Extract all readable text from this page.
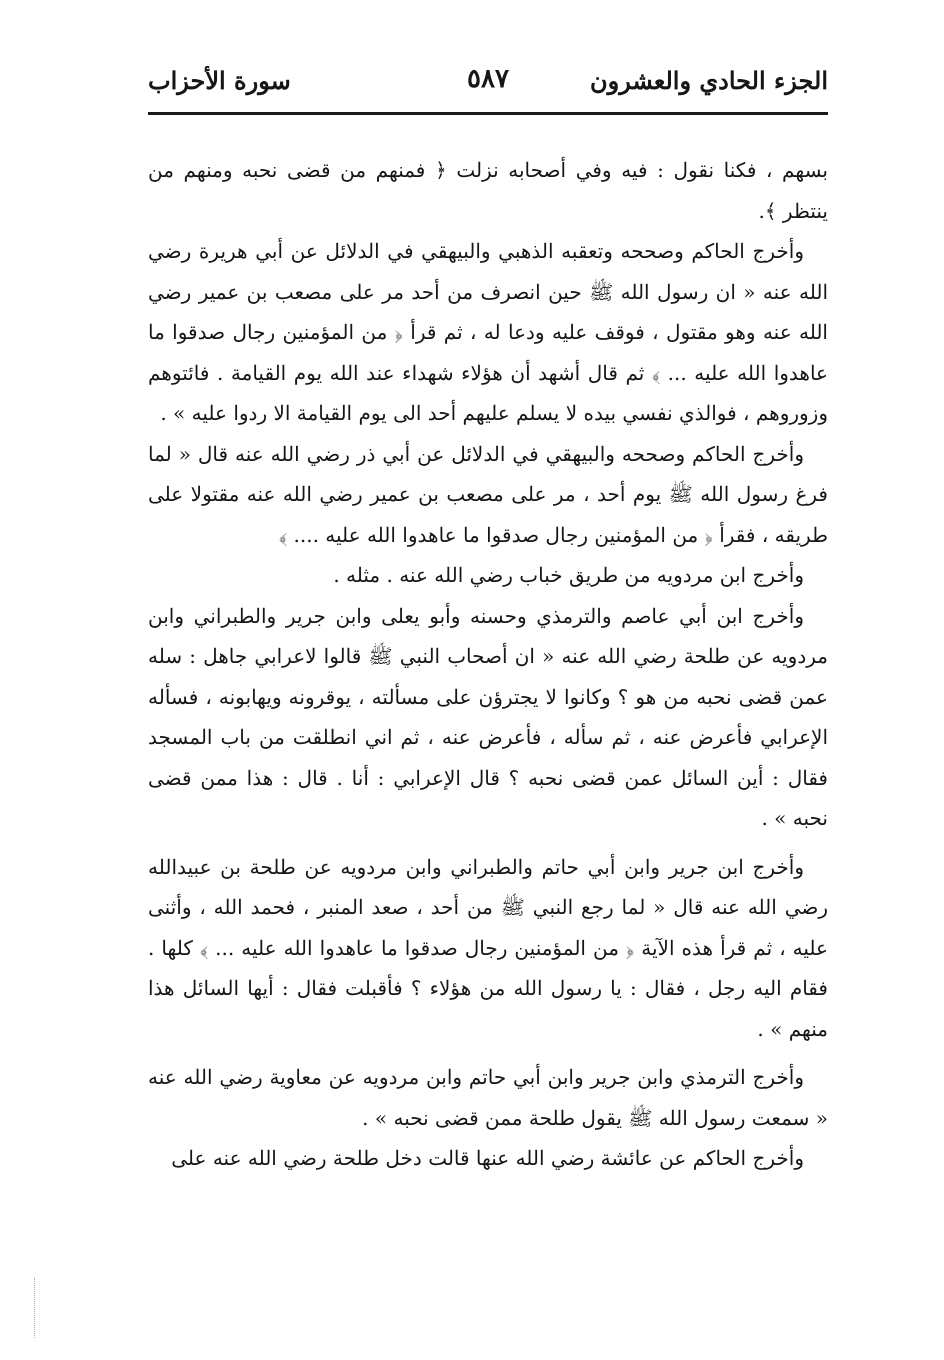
الجزء الحادي والعشرون
٥٨٧
سورة الأحزاب

بسهم ، فكنا نقول : فيه وفي أصحابه نزلت ﴿ فمنهم من قضى نحبه ومنهم من ينتظر ﴾.

وأخرج الحاكم وصححه وتعقبه الذهبي والبيهقي في الدلائل عن أبي هريرة رضي الله عنه « ان رسول الله ﷺ حين انصرف من أحد مر على مصعب بن عمير رضي الله عنه وهو مقتول ، فوقف عليه ودعا له ، ثم قرأ ﴿ من المؤمنين رجال صدقوا ما عاهدوا الله عليه ... ﴾ ثم قال أشهد أن هؤلاء شهداء عند الله يوم القيامة . فائتوهم وزوروهم ، فوالذي نفسي بيده لا يسلم عليهم أحد الى يوم القيامة الا ردوا عليه » .

وأخرج الحاكم وصححه والبيهقي في الدلائل عن أبي ذر رضي الله عنه قال « لما فرغ رسول الله ﷺ يوم أحد ، مر على مصعب بن عمير رضي الله عنه مقتولا على طريقه ، فقرأ ﴿ من المؤمنين رجال صدقوا ما عاهدوا الله عليه .... ﴾

وأخرج ابن مردويه من طريق خباب رضي الله عنه . مثله .

وأخرج ابن أبي عاصم والترمذي وحسنه وأبو يعلى وابن جرير والطبراني وابن مردويه عن طلحة رضي الله عنه « ان أصحاب النبي ﷺ قالوا لاعرابي جاهل : سله عمن قضى نحبه من هو ؟ وكانوا لا يجترؤن على مسألته ، يوقرونه ويهابونه ، فسأله الإعرابي فأعرض عنه ، ثم سأله ، فأعرض عنه ، ثم اني انطلقت من باب المسجد فقال : أين السائل عمن قضى نحبه ؟ قال الإعرابي : أنا . قال : هذا ممن قضى نحبه » .

وأخرج ابن جرير وابن أبي حاتم والطبراني وابن مردويه عن طلحة بن عبيدالله رضي الله عنه قال « لما رجع النبي ﷺ من أحد ، صعد المنبر ، فحمد الله ، وأثنى عليه ، ثم قرأ هذه الآية ﴿ من المؤمنين رجال صدقوا ما عاهدوا الله عليه ... ﴾ كلها . فقام اليه رجل ، فقال : يا رسول الله من هؤلاء ؟ فأقبلت فقال : أيها السائل هذا منهم » .

وأخرج الترمذي وابن جرير وابن أبي حاتم وابن مردويه عن معاوية رضي الله عنه « سمعت رسول الله ﷺ يقول طلحة ممن قضى نحبه » .

وأخرج الحاكم عن عائشة رضي الله عنها قالت دخل طلحة رضي الله عنه على
